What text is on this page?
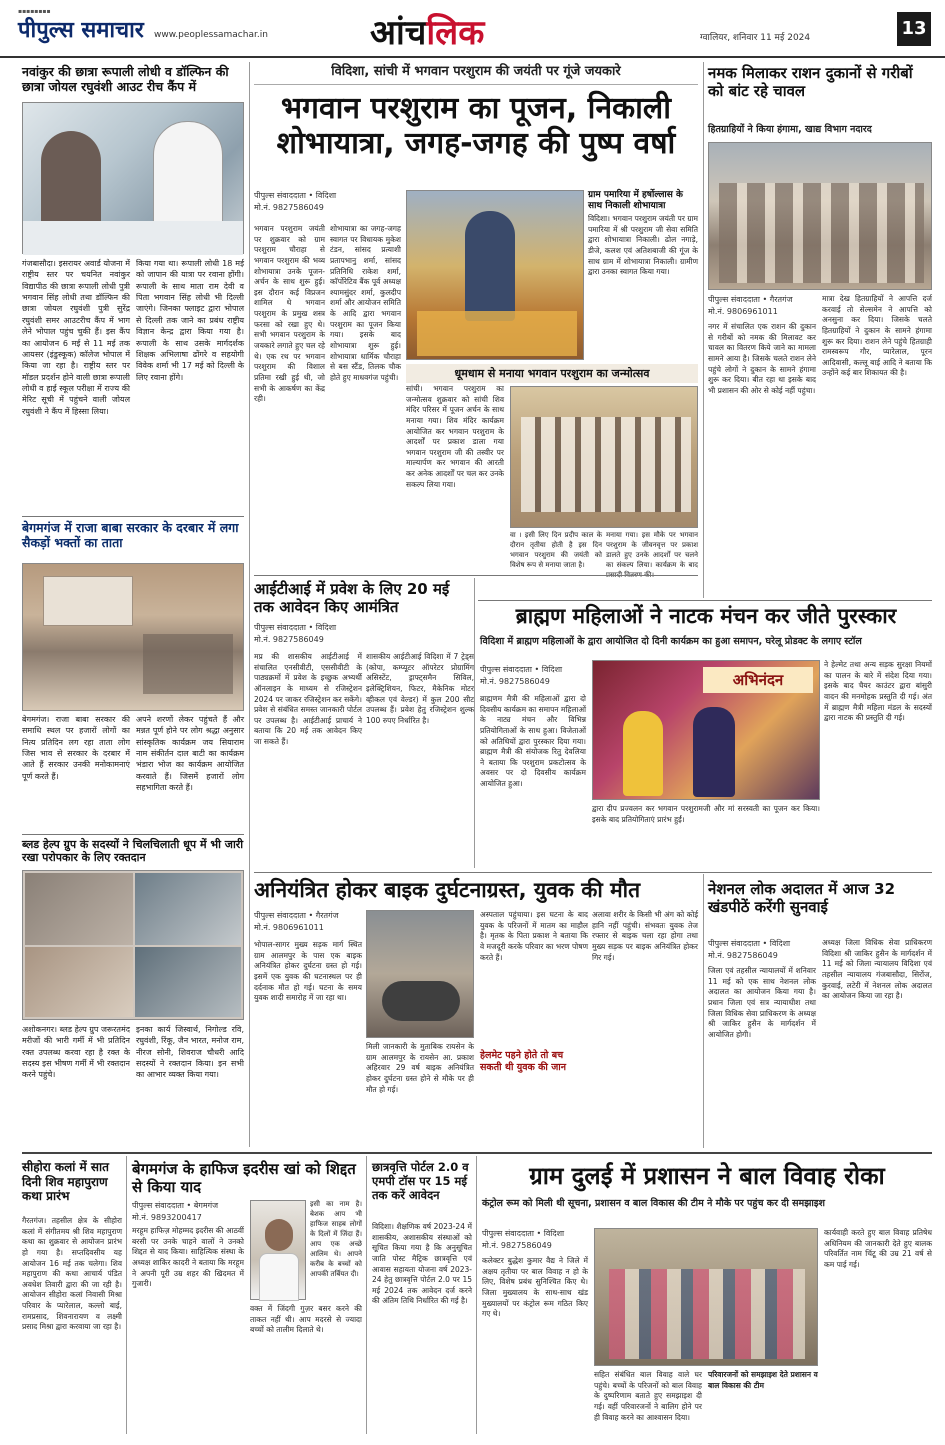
▪▪▪▪▪▪▪▪
पीपुल्स समाचार www.peoplessamachar.in	आंचलिक	ग्वालियर, शनिवार 11 मई 2024	13
नवांकुर की छात्रा रूपाली लोधी व डॉल्फिन की छात्रा जोयल रघुवंशी आउट रीच कैंप में
गंजबासौदा। इसरायर अवार्ड योजना में राष्ट्रीय स्तर पर चयनित नवांकुर विद्यापीठ की छात्रा रूपाली लोधी पुत्री भगवान सिंह लोधी तथा डॉल्फिन की छात्रा जोयल रघुवंशी पुत्री सुरेंद्र रघुवंशी समर आउटरीच कैंप में भाग लेने भोपाल पहुंच चुकी हैं। इस कैंप का आयोजन 6 मई से 11 मई तक आयसर (इंडुस्कूक) कॉलेज भोपाल में किया जा रहा है। राष्ट्रीय स्तर पर मॉडल प्रदर्शन होने वाली छात्रा रूपाली लोधी व हाई स्कूल परीक्षा में राज्य की मेरिट सूची में पहुंचने वाली जोयल रघुवंशी ने कैंप में हिस्सा लिया।
किया गया था। रूपाली लोधी 18 मई को जापान की यात्रा पर रवाना होंगी। रूपाली के साथ माता राम देवी व पिता भगवान सिंह लोधी भी दिल्ली जाएंगे। जिनका फ्लाइट द्वारा भोपाल से दिल्ली तक जाने का प्रबंध राष्ट्रीय विज्ञान केन्द्र द्वारा किया गया है। रूपाली के साथ उसके मार्गदर्शक शिक्षक अभिलाषा ढोंगरे व सहयोगी विवेक शर्मा भी 17 मई को दिल्ली के लिए रवाना होंगे।
बेगमगंज में राजा बाबा सरकार के दरबार में लगा सैकड़ों भक्तों का ताता
बेगमगंज। राजा बाबा सरकार की समाधि स्थल पर हजारों लोगों का नित्य प्रतिदिन लग रहा ताता लोग जिस भाव से सरकार के दरबार में आते हैं सरकार उनकी मनोकामनाएं पूर्ण करते हैं।
अपने शरणों लेकर पहुंचते हैं और मन्नत पूर्ण होने पर लोग श्रद्धा अनुसार सांस्कृतिक कार्यक्रम जय सियाराम नाम संकीर्तन दाल बाटी का कार्यक्रम भंडारा भोज का कार्यक्रम आयोजित करवाते हैं। जिसमें हजारों लोग सहभागिता करते हैं।
ब्लड हेल्प ग्रुप के सदस्यों ने चिलचिलाती धूप में भी जारी रखा परोपकार के लिए रक्तदान
अशोकनगर। ब्लड हेल्प ग्रुप जरूरतमंद मरीजों की भारी गर्मी में भी प्रतिदिन रक्त उपलब्ध करवा रहा है रक्त के सदस्य इस भीषण गर्मी में भी रक्तदान करने पहुंचे।
इनका कार्य जिस्वार्थ, निगोल्ड रवि, रघुवंशी, रिंकू, जैन भारत, मनोज राम, नीरज सोनी, शिवराज चौधरी आदि सदस्यों ने रक्तदान किया। इन सभी का आभार व्यक्त किया गया।
विदिशा, सांची में भगवान परशुराम की जयंती पर गूंजे जयकारे
भगवान परशुराम का पूजन, निकाली
शोभायात्रा, जगह-जगह की पुष्प वर्षा
पीपुल्स संवाददाता • विदिशा
मो.नं. 9827586049
भगवान परशुराम जयंती पर शुक्रवार को ग्राम परशुराम चौराहा से भगवान परशुराम की भव्य शोभायात्रा उनके पूजन-अर्चन के साथ शुरू हुई। इस दौरान कई विप्रजन शामिल थे भगवान परशुराम के प्रमुख शस्त्र फरसा को रखा हुए थे। सभी भगवान परशुराम के जयकारे लगाते हुए चल रहे थे। एक रथ पर भगवान परशुराम की विशाल प्रतिमा रखी हुई थी, जो सभी के आकर्षण का केंद्र रही।
शोभायात्रा का जगह-जगह स्वागत पर विधायक मुकेश टंडन, सांसद प्रत्याशी प्रतापभानु शर्मा, सांसद प्रतिनिधि राकेश शर्मा, कॉर्पोरेटिव बैंक पूर्व अध्यक्ष श्यामसुंदर शर्मा, कुलदीप शर्मा और आयोजन समिति के आदि द्वारा भगवान परशुराम का पूजन किया गया। इसके बाद शोभायात्रा शुरू हुई। शोभायात्रा धार्मिक चौराहा से बस स्टैंड, तिलक चौक होते हुए माधवगंज पहुंची।
ग्राम पमारिया में हर्षोल्लास के साथ निकाली शोभायात्रा
विदिशा। भगवान परशुराम जयंती पर ग्राम पमारिया में श्री परशुराम जी सेवा समिति द्वारा शोभायात्रा निकाली। ढोल नगाड़े, डीजे, कलश एवं अतिशबाजी की गूंज के साथ ग्राम में शोभायात्रा निकाली। ग्रामीण द्वारा उनका स्वागत किया गया।
धूमधाम से मनाया भगवान परशुराम का जन्मोत्सव
सांची। भगवान परशुराम का जन्मोत्सव शुक्रवार को सांची शिव मंदिर परिसर में पूजन अर्चन के साथ मनाया गया। शिव मंदिर कार्यक्रम आयोजित कर भगवान परशुराम के आदर्शों पर प्रकाश डाला गया भगवान परशुराम जी की तस्वीर पर माल्यार्पण कर भगवान की आरती कर अनेक आदर्शों पर चल कर उनके सकल्प लिया गया।
वा । इसी लिए दिन प्रदीप काल के दौरान तृतीया होती है इस दिन भगवान परशुराम की जयंती को विशेष रूप से मनाया जाता है।
मनाया गया। इस मौके पर भगवान परशुराम के जीवनवृत्त पर प्रकाश डालते हुए उनके आदर्शों पर चलने का संकल्प लिया। कार्यक्रम के बाद
आईटीआई में प्रवेश के लिए 20 मई तक आवेदन किए आमंत्रित
पीपुल्स संवाददाता • विदिशा
मो.नं. 9827586049
मप्र की शासकीय आईटीआई में संचालित एनसीवीटी, एससीवीटी के पाठ्यक्रमों में प्रवेश के इच्छुक अभ्यर्थी ऑनलाइन के माध्यम से रजिस्ट्रेशन 2024 पर जाकर रजिस्ट्रेशन कर सकेंगे। प्रवेश से संबंधित समस्त जानकारी पोर्टल पर उपलब्ध है। आईटीआई प्राचार्य ने बताया कि 20 मई तक आवेदन किए जा सकते हैं।
शासकीय आईटीआई विदिशा में 7 ट्रेड्स (कोपा, कम्प्यूटर ऑपरेटर प्रोग्रामिंग असिस्टेंट, ड्राफ्ट्समैन सिविल, इलेक्ट्रिशियन, फिटर, मैकेनिक मोटर व्हीकल एवं वेल्डर) में कुल 200 सीट उपलब्ध हैं। प्रवेश हेतु रजिस्ट्रेशन शुल्क 100 रुपए निर्धारित है।
नमक मिलाकर राशन दुकानों से गरीबों को बांट रहे चावल
हितग्राहियों ने किया हंगामा, खाद्य विभाग नदारद
पीपुल्स संवाददाता • गैरतगंज
मो.नं. 9806961011
नगर में संचालित एक राशन की दुकान से गरीबों को नमक की मिलावट कर चावल का वितरण किये जाने का मामला सामने आया है। जिसके चलते राशन लेने पहुंचे लोगों ने दुकान के सामने हंगामा शुरू कर दिया। बीत रहा था इसके बाद भी प्रशासन की ओर से कोई नहीं पहुंचा।
मात्रा देख हितग्राहियों ने आपत्ति दर्ज करवाई तो सेल्समेन ने आपत्ति को अनसुना कर दिया। जिसके चलते हितग्राहियों ने दुकान के सामने हंगामा शुरू कर दिया। राशन लेने पहुंचे हितग्राही रामस्वरूप गौर, प्यारेलाल, पूरन आदिवासी, कल्लू बाई आदि ने बताया कि उन्होंने कई बार शिकायत की है।
ब्राह्मण महिलाओं ने नाटक मंचन कर जीते पुरस्कार
विदिशा में ब्राह्मण महिलाओं के द्वारा आयोजित दो दिनी कार्यक्रम का हुआ समापन, घरेलू प्रोडक्ट के लगाए स्टॉल
पीपुल्स संवाददाता • विदिशा
मो.नं. 9827586049
ब्राह्मणम मैत्री की महिलाओं द्वारा दो दिवसीय कार्यक्रम का समापन महिलाओं के नाट्य मंचन और विभिन्न प्रतियोगिताओं के साथ हुआ। विजेताओं को अतिथियों द्वारा पुरस्कार दिया गया। ब्राह्मण मैत्री की संयोजक रितु देवलिया ने बताया कि परशुराम प्रकटोत्सव के अवसर पर दो दिवसीय कार्यक्रम आयोजित हुआ।
अभिनंदन
द्वारा दीप प्रज्वलन कर भगवान परशुरामजी और मां सरस्वती का पूजन कर किया। इसके बाद प्रतियोगिताएं प्रारंभ हुईं।
ने हेल्मेट तथा अन्य सड़क सुरक्षा नियमों का पालन के बारे में संदेश दिया गया। इसके बाद चैयर काउंटर द्वारा बांसुरी वादन की मनमोहक प्रस्तुति दी गई। अंत में ब्राह्मण मैत्री महिला मंडल के सदस्यों द्वारा नाटक की प्रस्तुति दी गई।
अनियंत्रित होकर बाइक दुर्घटनाग्रस्त, युवक की मौत
पीपुल्स संवाददाता • गैरतगंज
मो.नं. 9806961011
भोपाल-सागर मुख्य सड़क मार्ग स्थित ग्राम आलमपुर के पास एक बाइक अनियंत्रित होकर दुर्घटना ग्रस्त हो गई। इसमें एक युवक की घटनास्थल पर ही दर्दनाक मौत हो गई। घटना के समय युवक शादी समारोह में जा रहा था।
मिली जानकारी के मुताबिक रायसेन के ग्राम आलमपुर के रायसेन आ. प्रकाश अहिरवार 29 वर्ष बाइक अनियंत्रित होकर दुर्घटना ग्रस्त होने से मौके पर ही मौत हो गई।
अस्पताल पहुंचाया। इस घटना के बाद युवक के परिजनों में मातम का माहौल है। मृतक के पिता प्रकाश ने बताया कि वे मजदूरी करके परिवार का भरण पोषण करते हैं।
हेलमेट पहने होते तो बच सकती थी युवक की जान
अलावा शरीर के किसी भी अंग को कोई हानि नहीं पहुंची। संभवतः युवक तेज रफ्तार से बाइक चला रहा होगा तथा मुख्य सड़क पर बाइक अनियंत्रित होकर गिर गई।
नेशनल लोक अदालत में आज 32 खंडपीठें करेंगी सुनवाई
पीपुल्स संवाददाता • विदिशा
मो.नं. 9827586049
जिला एवं तहसील न्यायालयों में शनिवार 11 मई को एक साथ नेशनल लोक अदालत का आयोजन किया गया है। प्रधान जिला एवं सत्र न्यायाधीश तथा जिला विधिक सेवा प्राधिकरण के अध्यक्ष श्री जाकिर हुसैन के मार्गदर्शन में आयोजित होगी।
अध्यक्ष जिला विधिक सेवा प्राधिकरण विदिशा श्री जाकिर हुसैन के मार्गदर्शन में 11 मई को जिला न्यायालय विदिशा एवं तहसील न्यायालय गंजबासौदा, सिरोंज, कुरवाई, लटेरी में नेशनल लोक अदालत का आयोजन किया जा रहा है।
सीहोरा कलां में सात दिनी शिव महापुराण कथा प्रारंभ
गैरतगंज। तहसील क्षेत्र के सीहोरा कलां में संगीतमय श्री शिव महापुराण कथा का शुक्रवार से आयोजन प्रारंभ हो गया है। सप्तदिवसीय यह आयोजन 16 मई तक चलेगा। शिव महापुराण की कथा आचार्य पंडित अवधेश तिवारी द्वारा की जा रही है। आयोजन सीहोरा कलां निवासी मिश्रा परिवार के प्यारेलाल, कल्लो बाई, रामप्रसाद, शिवनारायण व लक्ष्मी प्रसाद मिश्रा द्वारा करवाया जा रहा है।
बेगमगंज के हाफिज इदरीस खां को शिद्दत से किया याद
पीपुल्स संवाददाता • बेगमगंज
मो.नं. 9893200417
मरहूम हाफिज़ मोहम्मद इदरीस की आठवीं बरसी पर उनके चाहने वालों ने उनको शिद्दत से याद किया। साहित्यिक संस्था के अध्यक्ष शाकिर कादरी ने बताया कि मरहूम ने अपनी पूरी उम्र शहर की खिदमत में गुजारी।
इसी का नाम है। बेशक आप भी हाफिज साहब लोगों के दिलों में जिंदा हैं। आप एक अच्छे आलिम थे। आपने करीब के बच्चों को आपकी तर्बियत दी।
वक्त में जिंदगी गुज़र बसर करने की ताकत नहीं थी। आप मदरसे से ज्यादा बच्चों को तालीम दिलाते थे।
छात्रवृत्ति पोर्टल 2.0 व एमपी टॉस पर 15 मई तक करें आवेदन
विदिशा। शैक्षणिक वर्ष 2023-24 में शासकीय, अशासकीय संस्थाओं को सूचित किया गया है कि अनुसूचित जाति पोस्ट मैट्रिक छात्रवृत्ति एवं आवास सहायता योजना वर्ष 2023-24 हेतु छात्रवृत्ति पोर्टल 2.0 पर 15 मई 2024 तक आवेदन दर्ज करने की अंतिम तिथि निर्धारित की गई है।
ग्राम दुलई में प्रशासन ने बाल विवाह रोका
कंट्रोल रूम को मिली थी सूचना, प्रशासन व बाल विकास की टीम ने मौके पर पहुंच कर दी समझाइश
पीपुल्स संवाददाता • विदिशा
मो.नं. 9827586049
कलेक्टर बुद्धेश कुमार वैद्य ने जिले में अक्षय तृतीया पर बाल विवाह न हो के लिए, विशेष प्रबंध सुनिश्चित किए थे। जिला मुख्यालय के साथ-साथ खंड मुख्यालयों पर कंट्रोल रूम गठित किए गए थे।
सहित संबंधित बाल विवाह वाले घर पहुंचे। बच्चों के परिजनों को बाल विवाह के दुष्परिणाम बताते हुए समझाइश दी गई। वहीं परिवारजनों ने बालिग होने पर ही विवाह करने का आश्वासन दिया।
परिवारजनों को समझाइश देते प्रशासन व बाल विकास की टीम
कार्यवाही करते हुए बाल विवाह प्रतिषेध अधिनियम की जानकारी देते हुए बालक परिवर्तित नाम चिंटू की उम्र 21 वर्ष से कम पाई गई।
